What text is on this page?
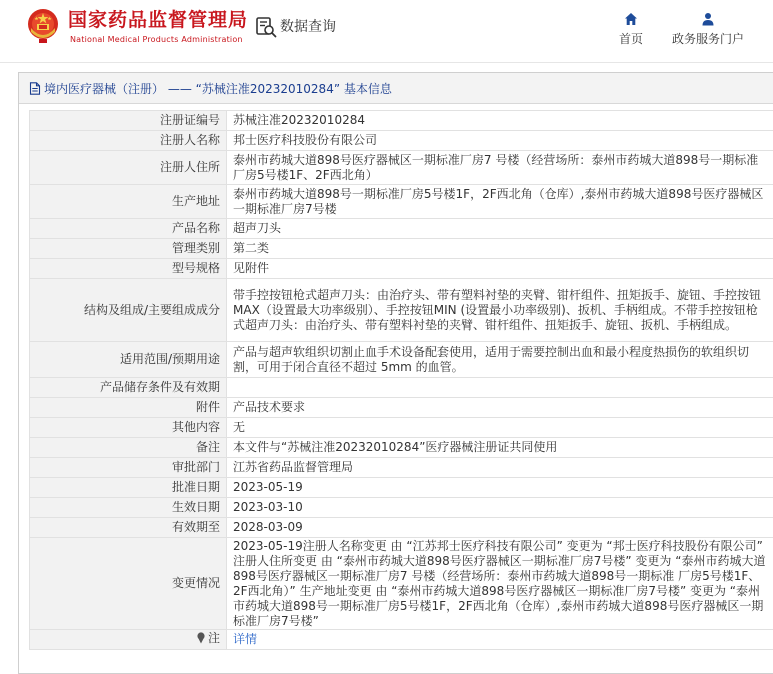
国家药品监督管理局
National Medical Products Administration
数据查询
首页	政务服务门户
境内医疗器械（注册） —— “苏械注准20232010284” 基本信息
注册证编号	苏械注准20232010284
注册人名称	邦士医疗科技股份有限公司
注册人住所	泰州市药城大道898号医疗器械区一期标准厂房7 号楼（经营场所：泰州市药城大道898号一期标准 厂房5号楼1F、2F西北角）
生产地址	泰州市药城大道898号一期标准厂房5号楼1F，2F西北角（仓库）,泰州市药城大道898号医疗器械区一期标准厂房7号楼
产品名称	超声刀头
管理类别	第二类
型号规格	见附件
结构及组成/主要组成成分	带手控按钮枪式超声刀头：由治疗头、带有塑料衬垫的夹臂、钳杆组件、扭矩扳手、旋钮、手控按钮MAX（设置最大功率级别）、手控按钮MIN (设置最小功率级别)、扳机、手柄组成。不带手控按钮枪式超声刀头：由治疗头、带有塑料衬垫的夹臂、钳杆组件、扭矩扳手、旋钮、扳机、手柄组成。
适用范围/预期用途	产品与超声软组织切割止血手术设备配套使用，适用于需要控制出血和最小程度热损伤的软组织切割，可用于闭合直径不超过 5mm 的血管。
产品储存条件及有效期	
附件	产品技术要求
其他内容	无
备注	本文件与“苏械注准20232010284”医疗器械注册证共同使用
审批部门	江苏省药品监督管理局
批准日期	2023-05-19
生效日期	2023-03-10
有效期至	2028-03-09
变更情况	2023-05-19注册人名称变更 由 “江苏邦士医疗科技有限公司” 变更为 “邦士医疗科技股份有限公司” 注册人住所变更 由 “泰州市药城大道898号医疗器械区一期标准厂房7号楼” 变更为 “泰州市药城大道898号医疗器械区一期标准厂房7 号楼（经营场所：泰州市药城大道898号一期标准 厂房5号楼1F、2F西北角）” 生产地址变更 由 “泰州市药城大道898号医疗器械区一期标准厂房7号楼” 变更为 “泰州市药城大道898号一期标准厂房5号楼1F，2F西北角（仓库）,泰州市药城大道898号医疗器械区一期标准厂房7号楼”

注	详情
